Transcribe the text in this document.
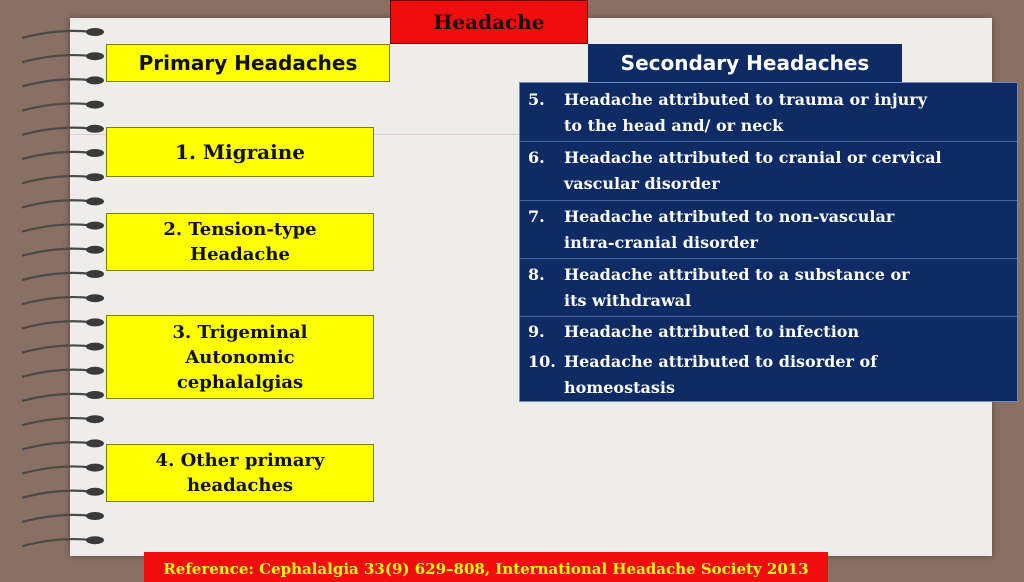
Headache
Primary Headaches
1. Migraine
2. Tension-type
Headache
3. Trigeminal
Autonomic
cephalalgias
4. Other primary
headaches
Secondary Headaches
5.	Headache attributed to trauma or injury
to the head and/ or neck
6.	Headache attributed to cranial or cervical
vascular disorder
7.	Headache attributed to non-vascular
intra-cranial disorder
8.	Headache attributed to a substance or
its withdrawal
9.	Headache attributed to infection
10. Headache attributed to disorder of
homeostasis
Reference: Cephalalgia 33(9) 629–808, International Headache Society 2013
